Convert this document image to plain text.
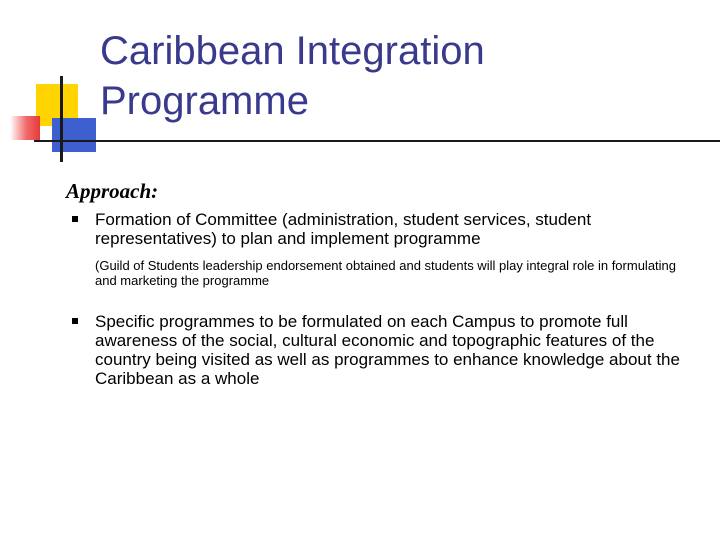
Caribbean Integration
Programme
Approach:
Formation of Committee (administration, student services, student representatives) to plan and implement programme
(Guild of Students leadership endorsement obtained and students will play integral role in formulating and marketing the programme
Specific programmes to be formulated on each Campus to promote full awareness of the social, cultural economic and topographic features of the country being visited as well as programmes to enhance knowledge about the Caribbean as a whole
